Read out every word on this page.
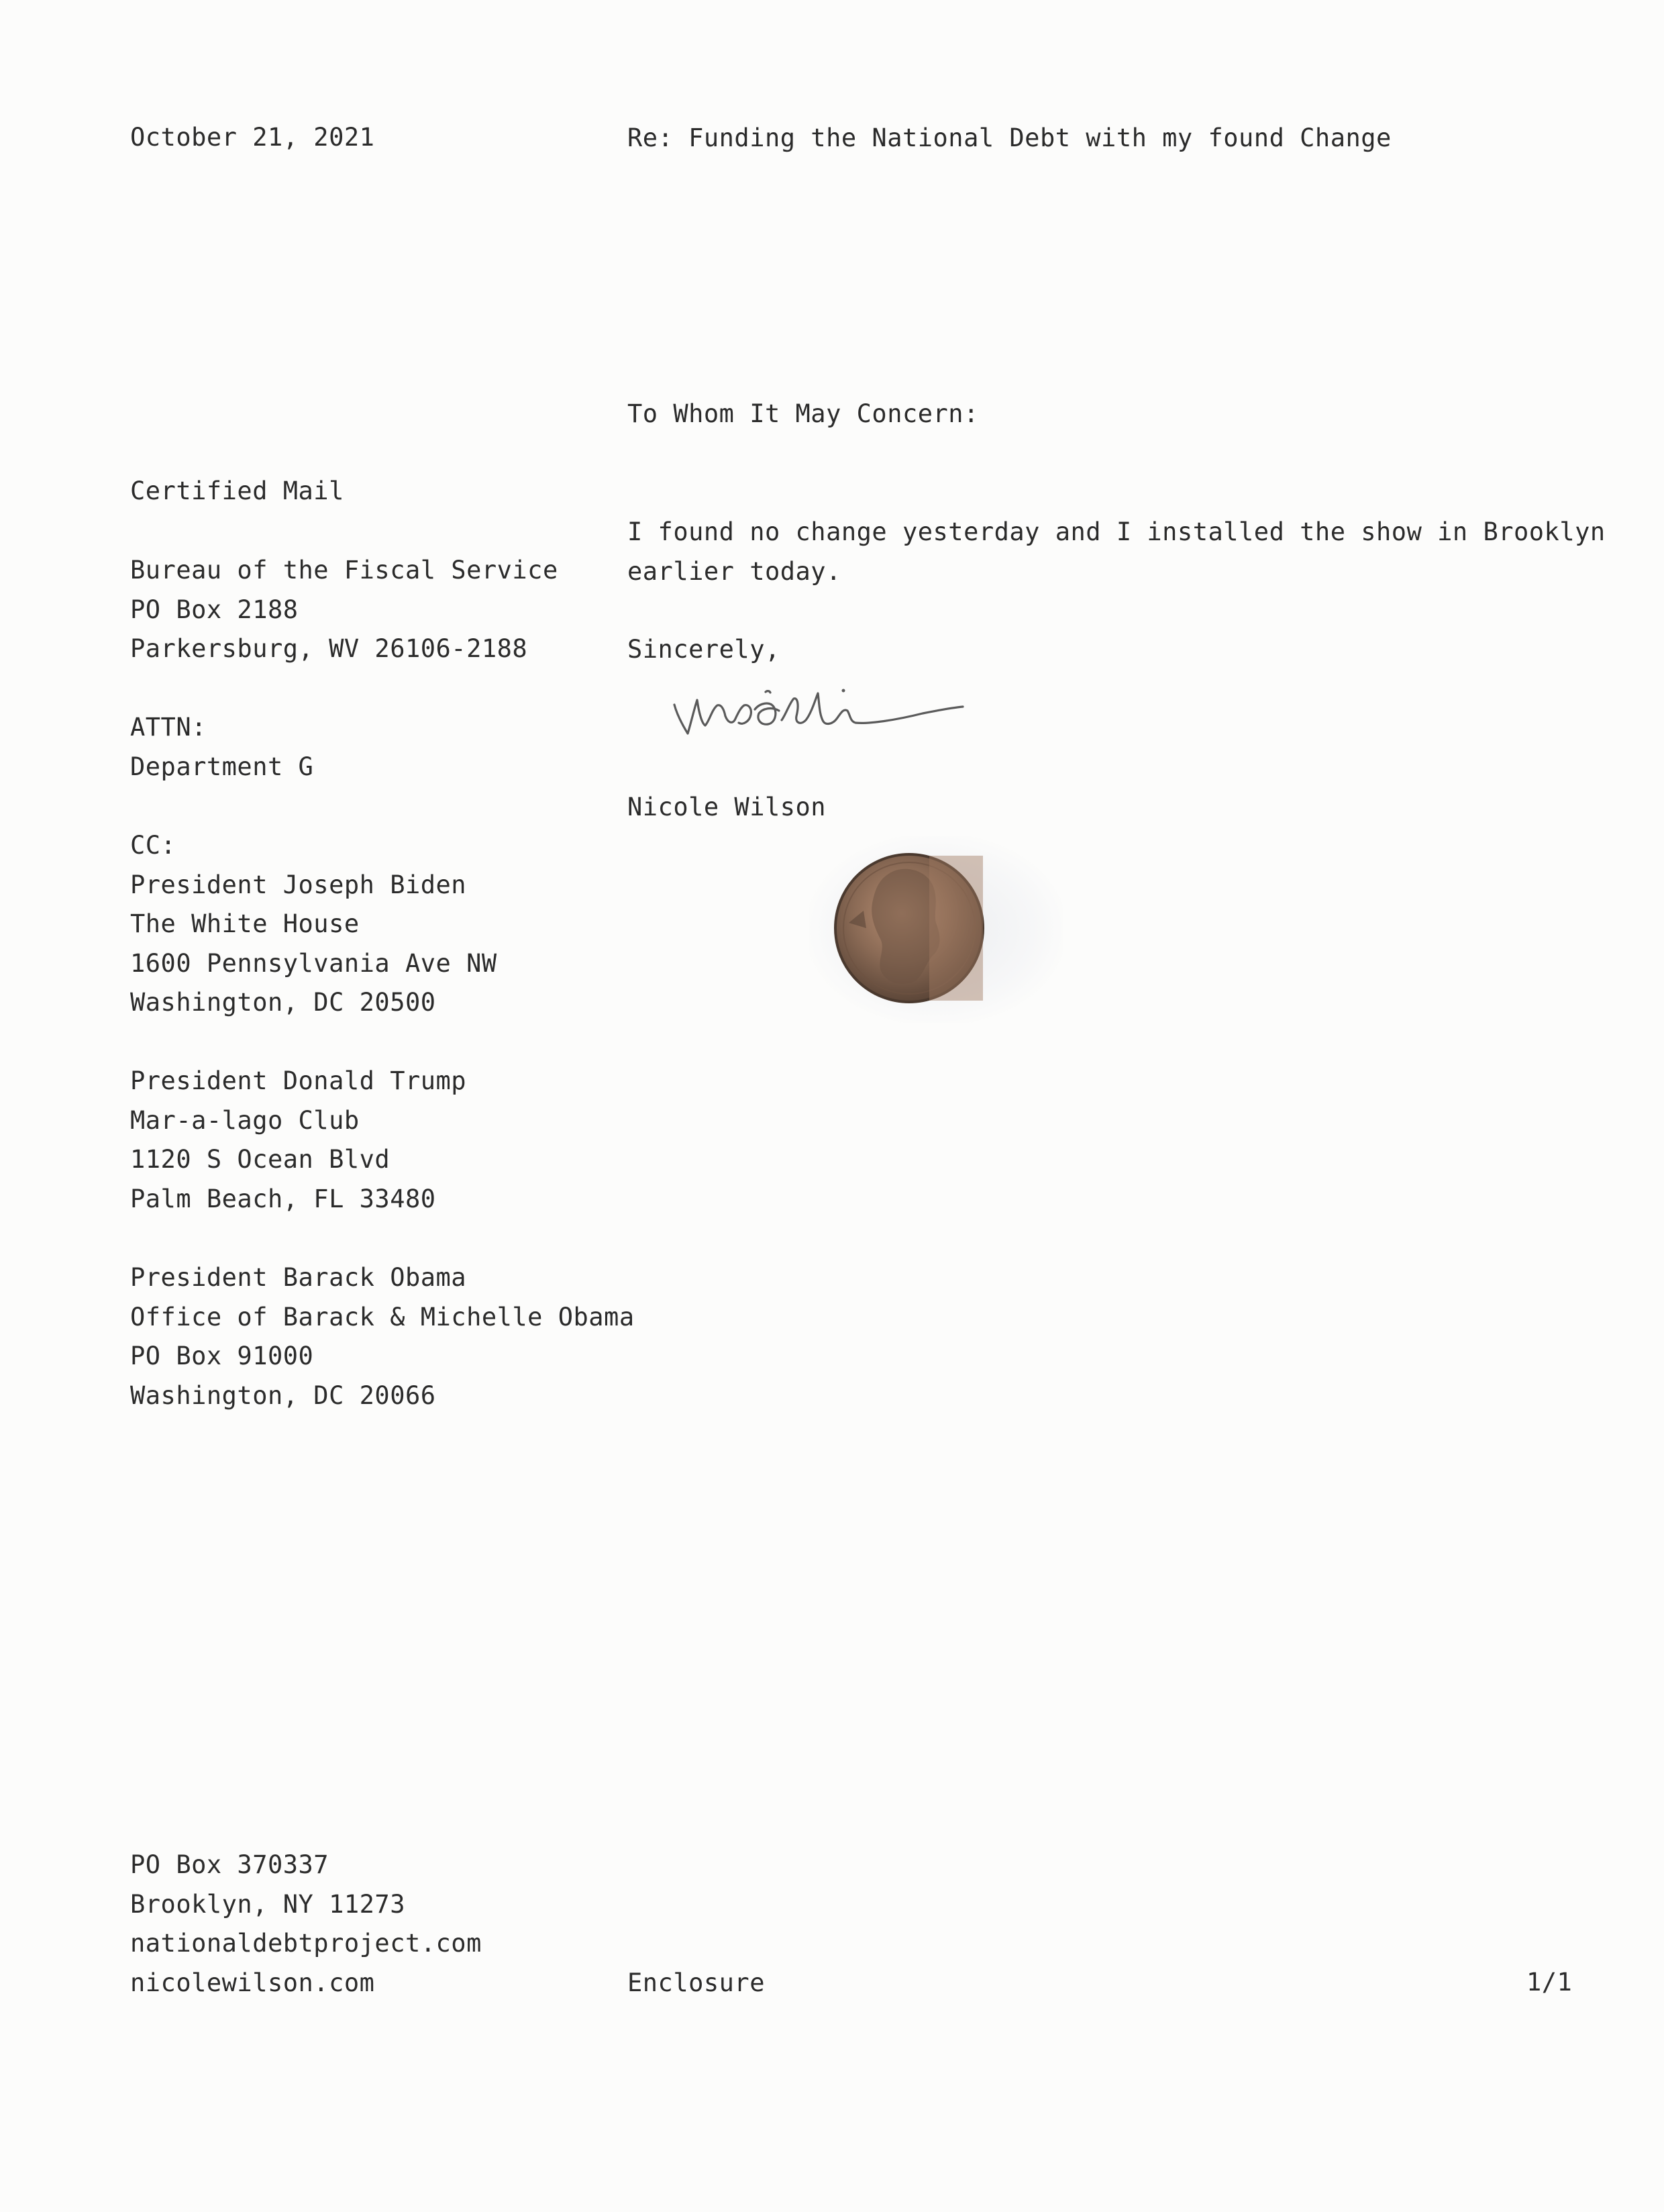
October 21, 2021	Re: Funding the National Debt with my found Change
To Whom It May Concern:
Certified Mail
Bureau of the Fiscal Service
PO Box 2188
Parkersburg, WV 26106-2188
ATTN:
Department G
CC:
President Joseph Biden
The White House
1600 Pennsylvania Ave NW
Washington, DC 20500
President Donald Trump
Mar-a-lago Club
1120 S Ocean Blvd
Palm Beach, FL 33480
President Barack Obama
Office of Barack & Michelle Obama
PO Box 91000
Washington, DC 20066
I found no change yesterday and I installed the show in Brooklyn
earlier today.
Sincerely,
Nicole Wilson
PO Box 370337
Brooklyn, NY 11273
nationaldebtproject.com
nicolewilson.com	Enclosure	1/1
